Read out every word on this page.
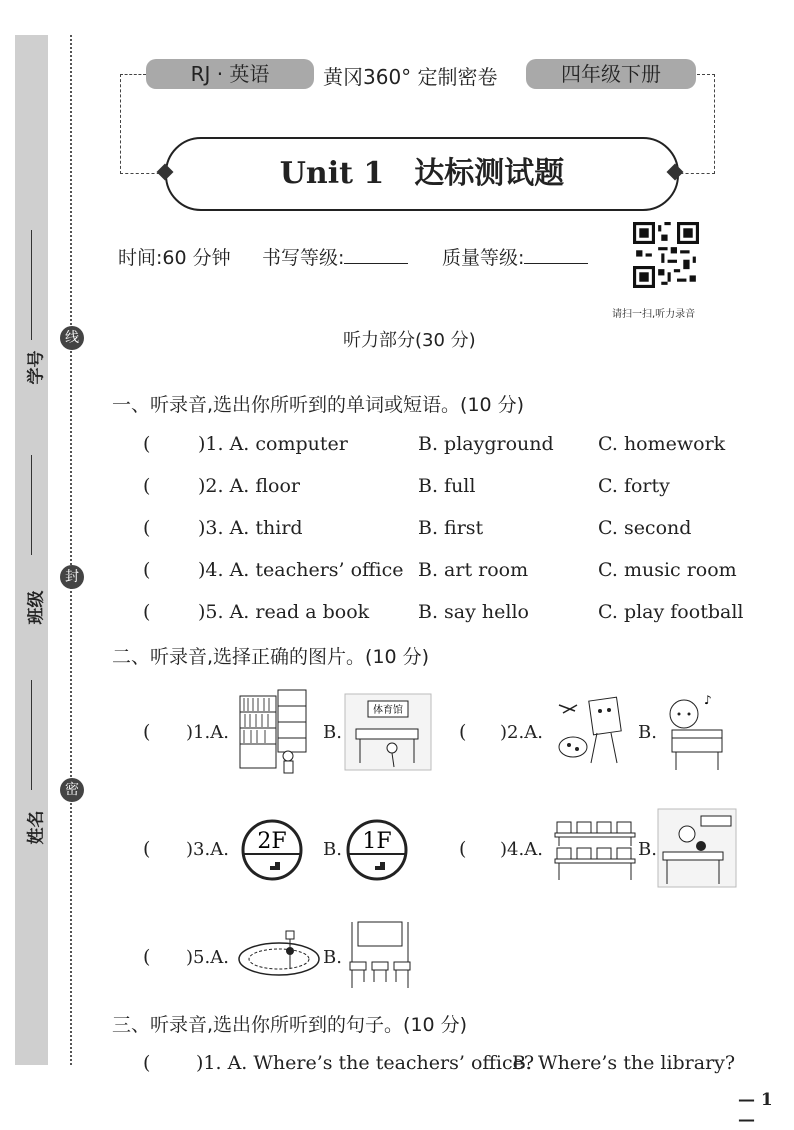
学号
班级
姓名
线
封
密
RJ · 英语	黄冈360° 定制密卷	四年级下册
Unit 1　达标测试题
时间:60 分钟 书写等级:	质量等级:
请扫一扫,听力录音
听力部分(30 分)
一、听录音,选出你所听到的单词或短语。(10 分)
(	)1. A. computer	B. playground C. homework
(	)2. A. floor	B. full	C. forty
(	)3. A. third	B. first	C. second
(	)4. A. teachers’ office B. art room	C. music room
(	)5. A. read a book	B. say hello	C. play football
二、听录音,选择正确的图片。(10 分)
( )1.A.	B.
体育馆
( )2.A.	B.
♪
( )3.A. 2F B. 1F	( )4.A.	B.
( )5.A.	B.
三、听录音,选出你所听到的句子。(10 分)
( )1. A. Where’s the teachers’ office?
B. Where’s the library?
— 1 —
